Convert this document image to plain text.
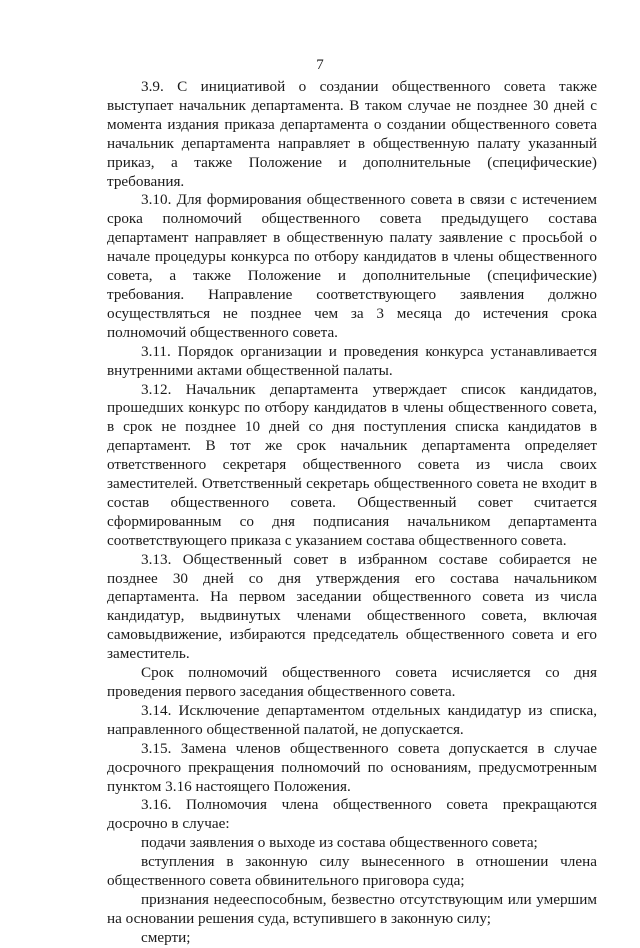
7

3.9. С инициативой о создании общественного совета также выступает начальник департамента. В таком случае не позднее 30 дней с момента издания приказа департамента о создании общественного совета начальник департамента направляет в общественную палату указанный приказ, а также Положение и дополнительные (специфические) требования.

3.10. Для формирования общественного совета в связи с истечением срока полномочий общественного совета предыдущего состава департамент направляет в общественную палату заявление с просьбой о начале процедуры конкурса по отбору кандидатов в члены общественного совета, а также Положение и дополнительные (специфические) требования. Направление соответствующего заявления должно осуществляться не позднее чем за 3 месяца до истечения срока полномочий общественного совета.

3.11. Порядок организации и проведения конкурса устанавливается внутренними актами общественной палаты.

3.12. Начальник департамента утверждает список кандидатов, прошедших конкурс по отбору кандидатов в члены общественного совета, в срок не позднее 10 дней со дня поступления списка кандидатов в департамент. В тот же срок начальник департамента определяет ответственного секретаря общественного совета из числа своих заместителей. Ответственный секретарь общественного совета не входит в состав общественного совета. Общественный совет считается сформированным со дня подписания начальником департамента соответствующего приказа с указанием состава общественного совета.

3.13. Общественный совет в избранном составе собирается не позднее 30 дней со дня утверждения его состава начальником департамента. На первом заседании общественного совета из числа кандидатур, выдвинутых членами общественного совета, включая самовыдвижение, избираются председатель общественного совета и его заместитель.

Срок полномочий общественного совета исчисляется со дня проведения первого заседания общественного совета.

3.14. Исключение департаментом отдельных кандидатур из списка, направленного общественной палатой, не допускается.

3.15. Замена членов общественного совета допускается в случае досрочного прекращения полномочий по основаниям, предусмотренным пунктом 3.16 настоящего Положения.

3.16. Полномочия члена общественного совета прекращаются досрочно в случае:

подачи заявления о выходе из состава общественного совета;

вступления в законную силу вынесенного в отношении члена общественного совета обвинительного приговора суда;

признания недееспособным, безвестно отсутствующим или умершим на основании решения суда, вступившего в законную силу;

смерти;
